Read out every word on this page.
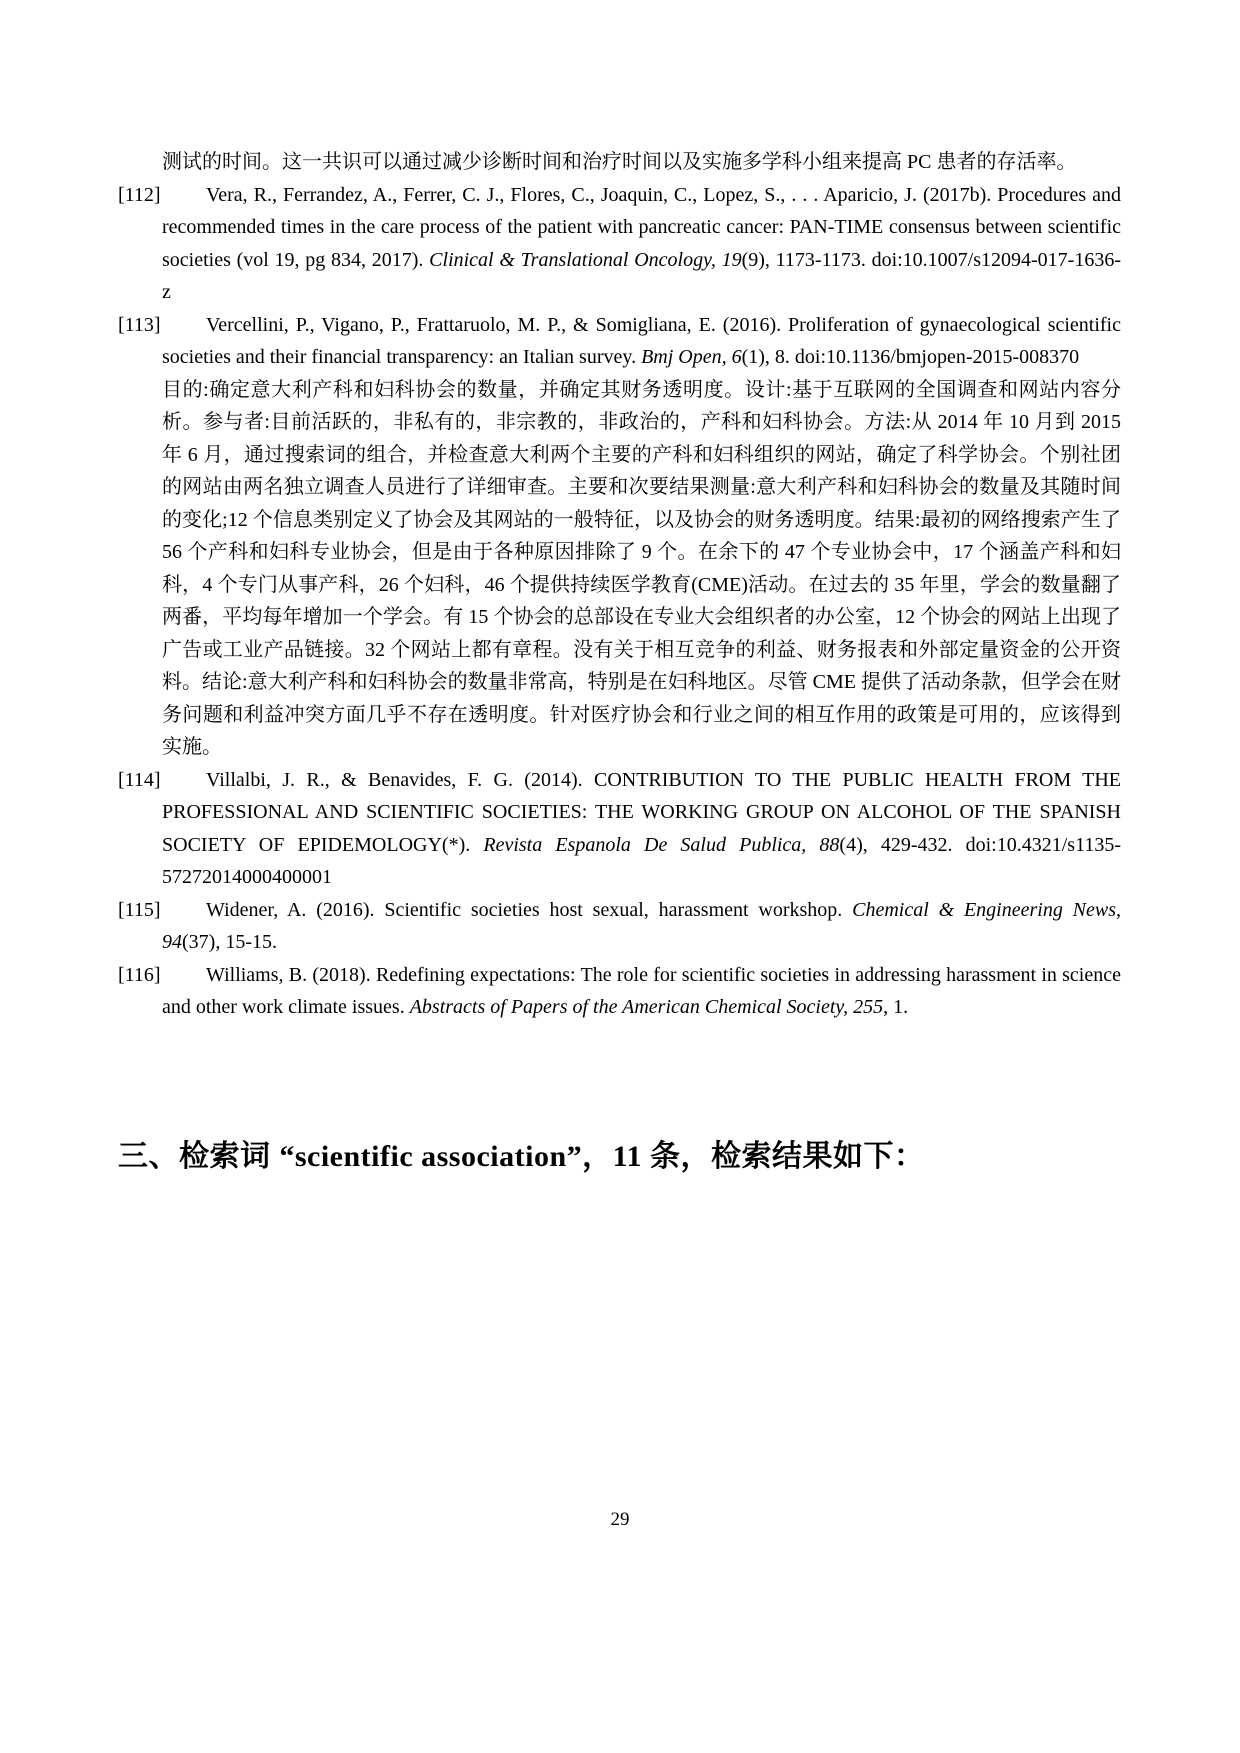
测试的时间。这一共识可以通过减少诊断时间和治疗时间以及实施多学科小组来提高 PC 患者的存活率。

[112] Vera, R., Ferrandez, A., Ferrer, C. J., Flores, C., Joaquin, C., Lopez, S., . . . Aparicio, J. (2017b). Procedures and recommended times in the care process of the patient with pancreatic cancer: PAN-TIME consensus between scientific societies (vol 19, pg 834, 2017). Clinical & Translational Oncology, 19(9), 1173-1173. doi:10.1007/s12094-017-1636-z

[113] Vercellini, P., Vigano, P., Frattaruolo, M. P., & Somigliana, E. (2016). Proliferation of gynaecological scientific societies and their financial transparency: an Italian survey. Bmj Open, 6(1), 8. doi:10.1136/bmjopen-2015-008370

目的:确定意大利产科和妇科协会的数量，并确定其财务透明度。设计:基于互联网的全国调查和网站内容分析。参与者:目前活跃的，非私有的，非宗教的，非政治的，产科和妇科协会。方法:从 2014 年 10 月到 2015 年 6 月，通过搜索词的组合，并检查意大利两个主要的产科和妇科组织的网站，确定了科学协会。个别社团的网站由两名独立调查人员进行了详细审查。主要和次要结果测量:意大利产科和妇科协会的数量及其随时间的变化;12 个信息类别定义了协会及其网站的一般特征，以及协会的财务透明度。结果:最初的网络搜索产生了 56 个产科和妇科专业协会，但是由于各种原因排除了 9 个。在余下的 47 个专业协会中，17 个涵盖产科和妇科，4 个专门从事产科，26 个妇科，46 个提供持续医学教育(CME)活动。在过去的 35 年里，学会的数量翻了两番，平均每年增加一个学会。有 15 个协会的总部设在专业大会组织者的办公室，12 个协会的网站上出现了广告或工业产品链接。32 个网站上都有章程。没有关于相互竞争的利益、财务报表和外部定量资金的公开资料。结论:意大利产科和妇科协会的数量非常高，特别是在妇科地区。尽管 CME 提供了活动条款，但学会在财务问题和利益冲突方面几乎不存在透明度。针对医疗协会和行业之间的相互作用的政策是可用的，应该得到实施。

[114] Villalbi, J. R., & Benavides, F. G. (2014). CONTRIBUTION TO THE PUBLIC HEALTH FROM THE PROFESSIONAL AND SCIENTIFIC SOCIETIES: THE WORKING GROUP ON ALCOHOL OF THE SPANISH SOCIETY OF EPIDEMOLOGY(*). Revista Espanola De Salud Publica, 88(4), 429-432. doi:10.4321/s1135-57272014000400001

[115] Widener, A. (2016). Scientific societies host sexual, harassment workshop. Chemical & Engineering News, 94(37), 15-15.

[116] Williams, B. (2018). Redefining expectations: The role for scientific societies in addressing harassment in science and other work climate issues. Abstracts of Papers of the American Chemical Society, 255, 1.

三、检索词 “scientific association”，11 条，检索结果如下：
29
